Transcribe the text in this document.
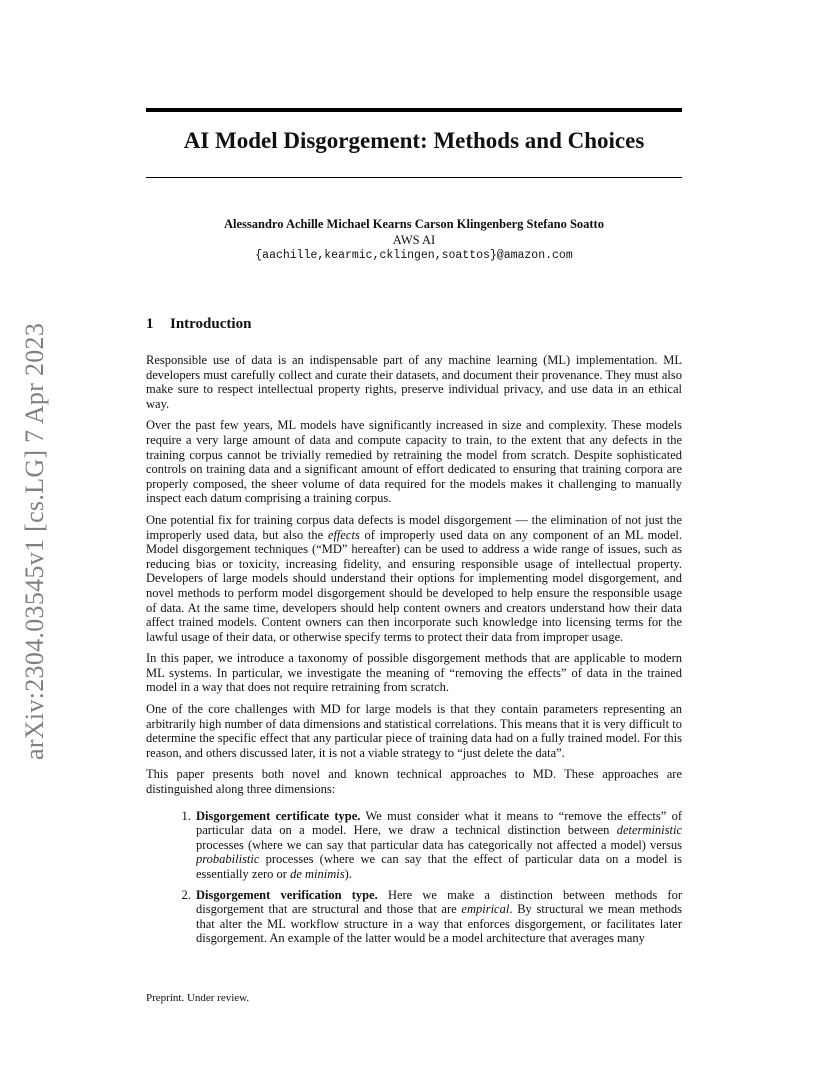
arXiv:2304.03545v1 [cs.LG] 7 Apr 2023
AI Model Disgorgement: Methods and Choices
Alessandro Achille Michael Kearns Carson Klingenberg Stefano Soatto
AWS AI
{aachille,kearmic,cklingen,soattos}@amazon.com
1 Introduction

Responsible use of data is an indispensable part of any machine learning (ML) implementation. ML developers must carefully collect and curate their datasets, and document their provenance. They must also make sure to respect intellectual property rights, preserve individual privacy, and use data in an ethical way.

Over the past few years, ML models have significantly increased in size and complexity. These models require a very large amount of data and compute capacity to train, to the extent that any defects in the training corpus cannot be trivially remedied by retraining the model from scratch. Despite sophisticated controls on training data and a significant amount of effort dedicated to ensuring that training corpora are properly composed, the sheer volume of data required for the models makes it challenging to manually inspect each datum comprising a training corpus.

One potential fix for training corpus data defects is model disgorgement — the elimination of not just the improperly used data, but also the effects of improperly used data on any component of an ML model. Model disgorgement techniques (“MD” hereafter) can be used to address a wide range of issues, such as reducing bias or toxicity, increasing fidelity, and ensuring responsible usage of intellectual property. Developers of large models should understand their options for implementing model disgorgement, and novel methods to perform model disgorgement should be developed to help ensure the responsible usage of data. At the same time, developers should help content owners and creators understand how their data affect trained models. Content owners can then incorporate such knowledge into licensing terms for the lawful usage of their data, or otherwise specify terms to protect their data from improper usage.

In this paper, we introduce a taxonomy of possible disgorgement methods that are applicable to modern ML systems. In particular, we investigate the meaning of “removing the effects” of data in the trained model in a way that does not require retraining from scratch.

One of the core challenges with MD for large models is that they contain parameters representing an arbitrarily high number of data dimensions and statistical correlations. This means that it is very difficult to determine the specific effect that any particular piece of training data had on a fully trained model. For this reason, and others discussed later, it is not a viable strategy to “just delete the data”.

This paper presents both novel and known technical approaches to MD. These approaches are distinguished along three dimensions:

1. Disgorgement certificate type. We must consider what it means to “remove the effects” of particular data on a model. Here, we draw a technical distinction between deterministic processes (where we can say that particular data has categorically not affected a model) versus probabilistic processes (where we can say that the effect of particular data on a model is essentially zero or de minimis).
2. Disgorgement verification type. Here we make a distinction between methods for disgorgement that are structural and those that are empirical. By structural we mean methods that alter the ML workflow structure in a way that enforces disgorgement, or facilitates later disgorgement. An example of the latter would be a model architecture that averages many
Preprint. Under review.
